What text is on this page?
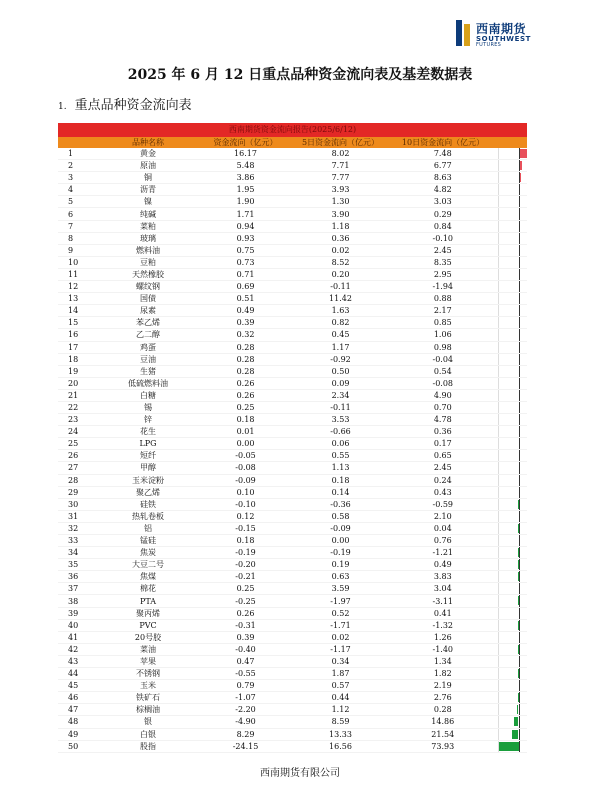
西南期货
SOUTHWEST
FUTURES
2025 年 6 月 12 日重点品种资金流向表及基差数据表
1. 重点品种资金流向表
西南期货资金流向报告(2025/6/12)
	品种名称	资金流向（亿元）	5日资金流向（亿元）	10日资金流向（亿元）	
1	黄金	16.17	8.02	7.48	

2	原油	5.48	7.71	6.77	

3	铜	3.86	7.77	8.63	

4	沥青	1.95	3.93	4.82	

5	镍	1.90	1.30	3.03	

6	纯碱	1.71	3.90	0.29	

7	菜粕	0.94	1.18	0.84	

8	玻璃	0.93	0.36	-0.10	

9	燃料油	0.75	0.02	2.45	

10	豆粕	0.73	8.52	8.35	

11	天然橡胶	0.71	0.20	2.95	

12	螺纹钢	0.69	-0.11	-1.94	

13	国债	0.51	11.42	0.88	

14	尿素	0.49	1.63	2.17	

15	苯乙烯	0.39	0.82	0.85	

16	乙二醇	0.32	0.45	1.06	

17	鸡蛋	0.28	1.17	0.98	

18	豆油	0.28	-0.92	-0.04	

19	生猪	0.28	0.50	0.54	

20	低硫燃料油	0.26	0.09	-0.08	

21	白糖	0.26	2.34	4.90	

22	锡	0.25	-0.11	0.70	

23	锌	0.18	3.53	4.78	

24	花生	0.01	-0.66	0.36	

25	LPG	0.00	0.06	0.17	

26	短纤	-0.05	0.55	0.65	

27	甲醇	-0.08	1.13	2.45	

28	玉米淀粉	-0.09	0.18	0.24	

29	聚乙烯	0.10	0.14	0.43	

30	硅铁	-0.10	-0.36	-0.59	

31	热轧卷板	0.12	0.58	2.10	

32	铝	-0.15	-0.09	0.04	

33	锰硅	0.18	0.00	0.76	

34	焦炭	-0.19	-0.19	-1.21	

35	大豆二号	-0.20	0.19	0.49	

36	焦煤	-0.21	0.63	3.83	

37	棉花	0.25	3.59	3.04	

38	PTA	-0.25	-1.97	-3.11	

39	聚丙烯	0.26	0.52	0.41	

40	PVC	-0.31	-1.71	-1.32	

41	20号胶	0.39	0.02	1.26	

42	菜油	-0.40	-1.17	-1.40	

43	苹果	0.47	0.34	1.34	

44	不锈钢	-0.55	1.87	1.82	

45	玉米	0.79	0.57	2.19	

46	铁矿石	-1.07	0.44	2.76	

47	棕榈油	-2.20	1.12	0.28	

48	银	-4.90	8.59	14.86	

49	白银	8.29	13.33	21.54	

50	股指	-24.15	16.56	73.93	
西南期货有限公司
